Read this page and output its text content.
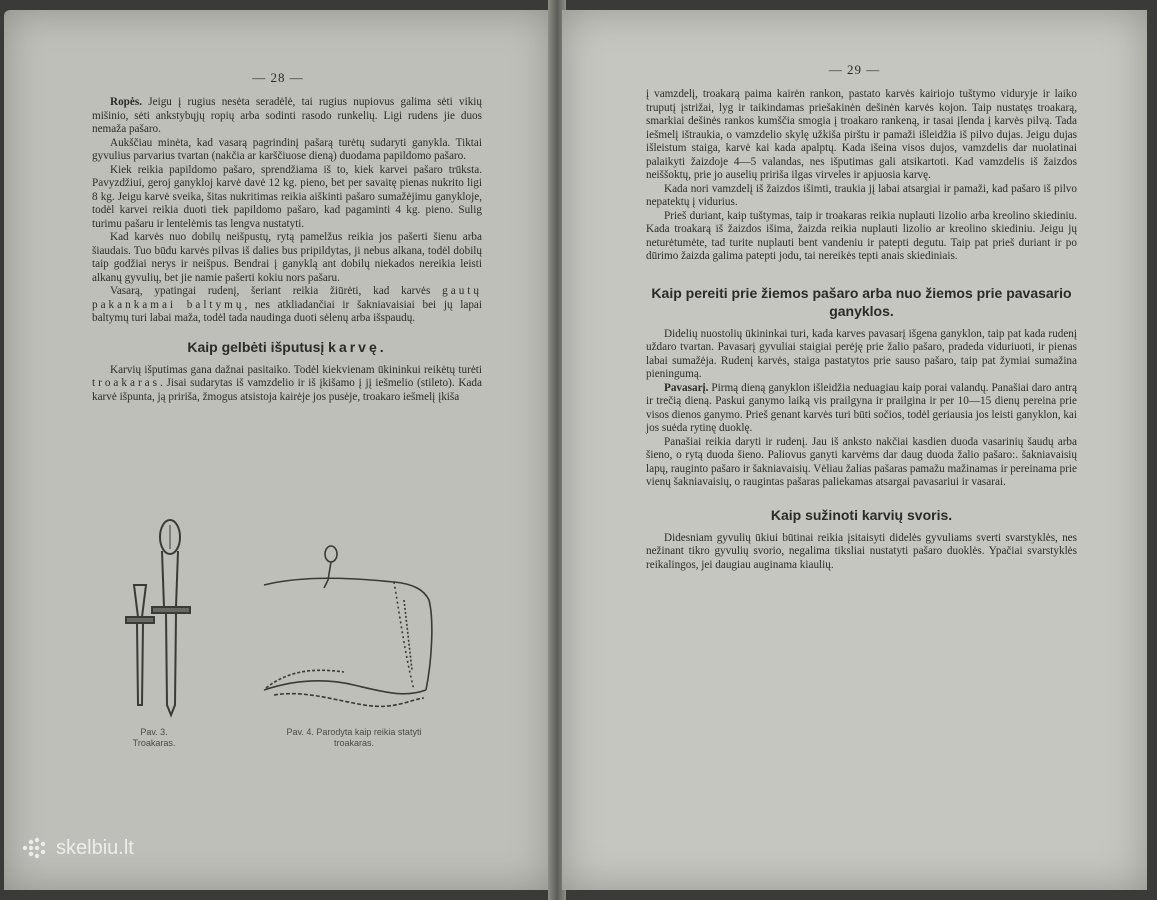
— 28 —

Ropės. Jeigu į rugius nesėta seradėlė, tai rugius nupiovus galima sėti vikių mišinio, sėti ankstybųjų ropių arba sodinti rasodo runkelių. Ligi rudens jie duos nemaža pašaro.

Aukščiau minėta, kad vasarą pagrindinį pašarą turėtų sudaryti ganykla. Tiktai gyvulius parvarius tvartan (nakčia ar karščiuose dieną) duodama papildomo pašaro.

Kiek reikia papildomo pašaro, sprendžiama iš to, kiek karvei pašaro trūksta. Pavyzdžiui, geroj ganykloj karvė davė 12 kg. pieno, bet per savaitę pienas nukrito ligi 8 kg. Jeigu karvė sveika, šitas nukritimas reikia aiškinti pašaro sumažėjimu ganykloje, todėl karvei reikia duoti tiek papildomo pašaro, kad pagaminti 4 kg. pieno. Sulig turimu pašaru ir lentelėmis tas lengva nustatyti.

Kad karvės nuo dobilų neišpustų, rytą pamelžus reikia jos pašerti šienu arba šiaudais. Tuo būdu karvės pilvas iš dalies bus pripildytas, ji nebus alkana, todėl dobilų taip godžiai nerys ir neišpus. Bendrai į ganyklą ant dobilų niekados nereikia leisti alkanų gyvulių, bet jie namie pašerti kokiu nors pašaru.

Vasarą, ypatingai rudenį, šeriant reikia žiūrėti, kad karvės gautų pakankamai baltymų, nes atkliadančiai ir šakniavaisiai bei jų lapai baltymų turi labai maža, todėl tada naudinga duoti sėlenų arba išspaudų.

Kaip gelbėti išputusį karvę.

Karvių išputimas gana dažnai pasitaiko. Todėl kiekvienam ūkininkui reikėtų turėti troakaras. Jisai sudarytas iš vamzdelio ir iš įkišamo į jį iešmelio (stileto). Kada karvė išpunta, ją pririša, žmogus atsistoja kairėje jos pusėje, troakaro iešmelį įkiša

Pav. 3.
Troakaras.
Pav. 4. Parodyta kaip reikia statyti
troakaras.
— 29 —

į vamzdelį, troakarą paima kairėn rankon, pastato karvės kairiojo tuštymo viduryje ir laiko truputį įstrižai, lyg ir taikindamas priešakinėn dešinėn karvės kojon. Taip nustatęs troakarą, smarkiai dešinės rankos kumščia smogia į troakaro rankeną, ir tasai įlenda į karvės pilvą. Tada iešmelį ištraukia, o vamzdelio skylę užkiša pirštu ir pamaži išleidžia iš pilvo dujas. Jeigu dujas išleistum staiga, karvė kai kada apalptų. Kada išeina visos dujos, vamzdelis dar nuolatinai palaikyti žaizdoje 4—5 valandas, nes išputimas gali atsikartoti. Kad vamzdelis iš žaizdos neiššoktų, prie jo auselių pririša ilgas virveles ir apjuosia karvę.

Kada nori vamzdelį iš žaizdos išimti, traukia jį labai atsargiai ir pamaži, kad pašaro iš pilvo nepatektų į vidurius.

Prieš duriant, kaip tuštymas, taip ir troakaras reikia nuplauti lizolio arba kreolino skiediniu. Kada troakarą iš žaizdos išima, žaizda reikia nuplauti lizolio ar kreolino skiediniu. Jeigu jų neturėtumėte, tad turite nuplauti bent vandeniu ir patepti degutu. Taip pat prieš duriant ir po dūrimo žaizda galima patepti jodu, tai nereikės tepti anais skiediniais.

Kaip pereiti prie žiemos pašaro arba nuo žiemos prie pavasario ganyklos.

Didelių nuostolių ūkininkai turi, kada karves pavasarį išgena ganyklon, taip pat kada rudenį uždaro tvartan. Pavasarį gyvuliai staigiai perėję prie žalio pašaro, pradeda viduriuoti, ir pienas labai sumažėja. Rudenį karvės, staiga pastatytos prie sauso pašaro, taip pat žymiai sumažina pieningumą.

Pavasarį. Pirmą dieną ganyklon išleidžia neduagiau kaip porai valandų. Panašiai daro antrą ir trečią dieną. Paskui ganymo laiką vis prailgyna ir prailgina ir per 10—15 dienų pereina prie visos dienos ganymo. Prieš genant karvės turi būti sočios, todėl geriausia jos leisti ganyklon, kai jos suėda rytinę duoklę.

Panašiai reikia daryti ir rudenį. Jau iš anksto nakčiai kasdien duoda vasarinių šaudų arba šieno, o rytą duodа šieno. Paliovus ganyti karvėms dar daug duoda žalio pašaro:. šakniavaisių lapų, raugintо pašaro ir šakniavaisių. Vėliau žalias pašaras pamažu mažinamas ir pereinama prie vienų šakniavaisių, o raugintas pašaras paliekamas atsargai pavasariui ir vasarai.

Kaip sužinoti karvių svoris.

Didesniam gyvulių ūkiui būtinai reikia įsitaisyti didelės gyvuliams svertі svarstyklės, nes nežinant tikro gyvulių svorio, negalima tiksliai nustatyti pašaro duoklės. Ypačiai svarstyklės reikalingos, jei daugiau auginama kiaulių.

skelbiu.lt
